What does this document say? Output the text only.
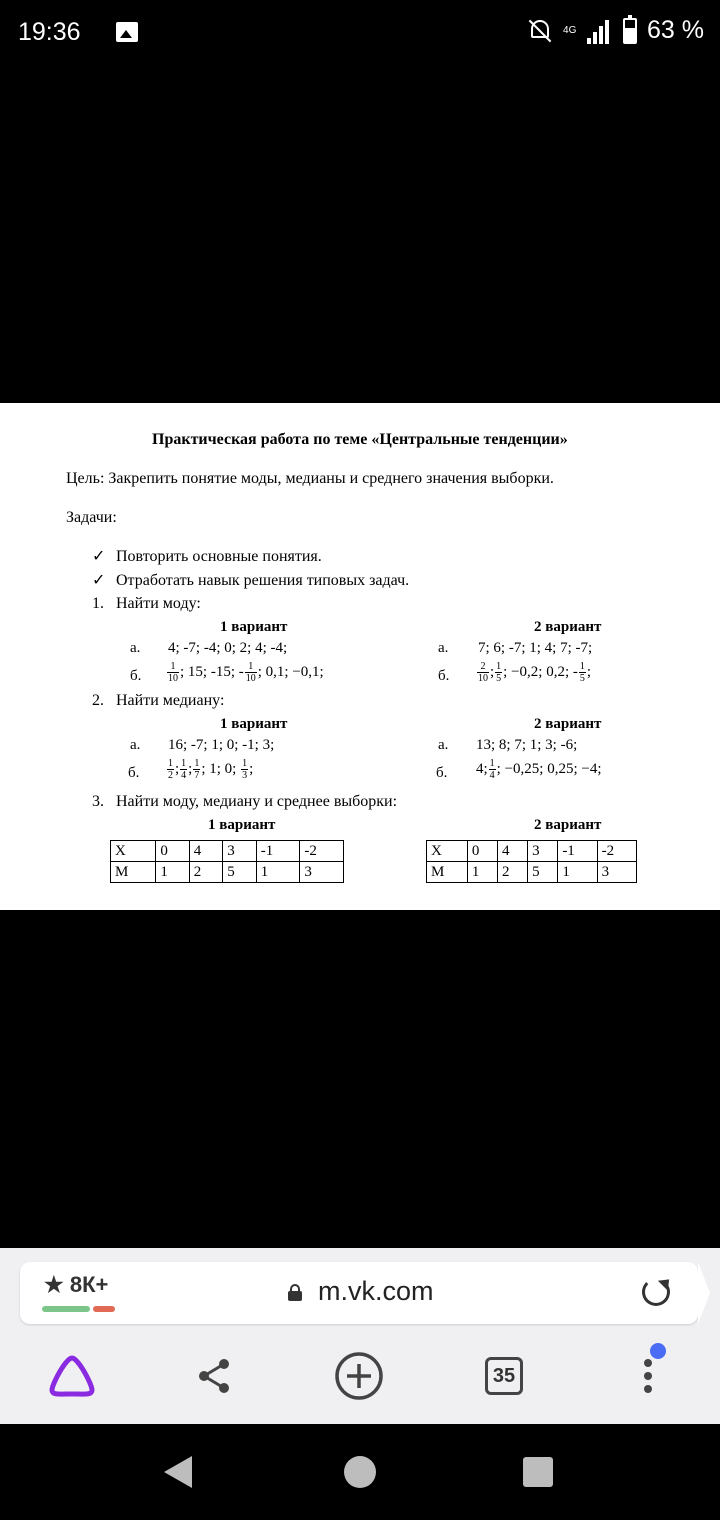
19:36	4G	63 %
Практическая работа по теме «Центральные тенденции»
Цель: Закрепить понятие моды, медианы и среднего значения выборки.
Задачи:
✓ Повторить основные понятия.
✓ Отработать навык решения типовых задач.
1. Найти моду:
1 вариант	2 вариант
а. 4; -7; -4; 0; 2; 4; -4;	а. 7; 6; -7; 1; 4; 7; -7;
б.	$\frac{1}{10}$ ; 15; -15; - $\frac{1}{10}$ ; 0,1; −0,1;	б.	$\frac{2}{10}$ ; $\frac{1}{5}$ ; −0,2; 0,2; - $\frac{1}{5}$ ;
2. Найти медиану:
1 вариант	2 вариант
а. 16; -7; 1; 0; -1; 3;	а. 13; 8; 7; 1; 3; -6;
б.	$\frac{1}{2}$ ; $\frac{1}{4}$ ; $\frac{1}{7}$ ; 1; 0; $\frac{1}{3}$ ;	б. 4; $\frac{1}{4}$ ; −0,25; 0,25; −4;
3. Найти моду, медиану и среднее выборки:
1 вариант	2 вариант
X	0	4	3	-1	-2
M	1	2	5	1	3
X	0	4	3	-1	-2
M	1	2	5	1	3
★ 8К+	m.vk.com
35
